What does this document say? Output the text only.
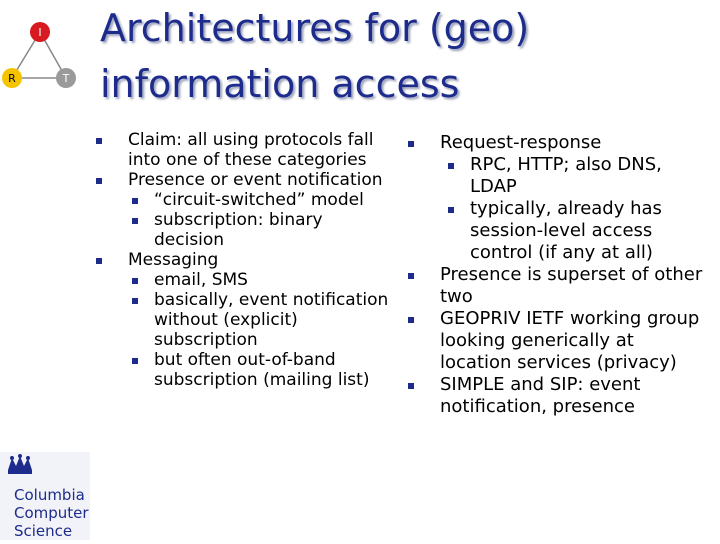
I
R	T
Architectures for (geo)
information access
Claim: all using protocols fall into one of these categories
Presence or event notification
“circuit-switched” model
subscription: binary decision
Messaging
email, SMS
basically, event notification without (explicit) subscription
but often out-of-band subscription (mailing list)
Request-response
RPC, HTTP; also DNS, LDAP
typically, already has session-level access control (if any at all)
Presence is superset of other two
GEOPRIV IETF working group looking generically at location services (privacy)
SIMPLE and SIP: event notification, presence
Columbia
Computer
Science
